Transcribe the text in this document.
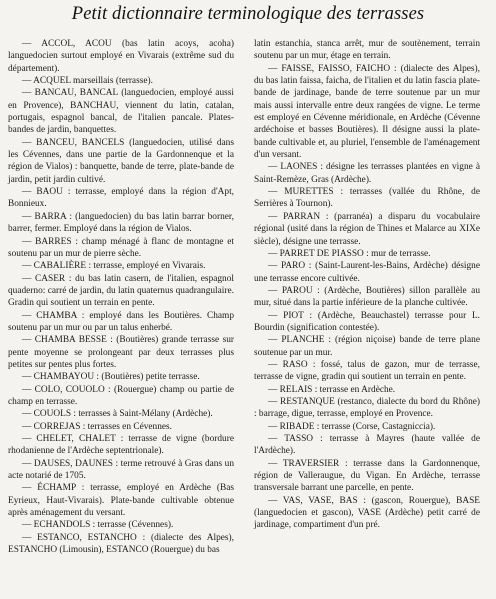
Petit dictionnaire terminologique des terrasses

— ACCOL, ACOU (bas latin acoys, acoha) languedocien surtout employé en Vivarais (extrême sud du département).

— ACQUEL marseillais (terrasse).

— BANCAU, BANCAL (languedocien, employé aussi en Provence), BANCHAU, viennent du latin, catalan, portugais, espagnol bancal, de l'italien pancale. Plates-bandes de jardin, banquettes.

— BANCEU, BANCELS (languedocien, utilisé dans les Cévennes, dans une partie de la Gardonnenque et la région de Vialos) : banquette, bande de terre, plate-bande de jardin, petit jardin cultivé.

— BAOU : terrasse, employé dans la région d'Apt, Bonnieux.

— BARRA : (languedocien) du bas latin barrar borner, barrer, fermer. Employé dans la région de Vialos.

— BARRES : champ ménagé à flanc de montagne et soutenu par un mur de pierre sèche.

— CABALIÈRE : terrasse, employé en Vivarais.

— CASER : du bas latin casern, de l'italien, espagnol quaderno: carré de jardin, du latin quaternus quadrangulaire. Gradin qui soutient un terrain en pente.

— CHAMBA : employé dans les Boutières. Champ soutenu par un mur ou par un talus enherbé.

— CHAMBA BESSE : (Boutières) grande terrasse sur pente moyenne se prolongeant par deux terrasses plus petites sur pentes plus fortes.

— CHAMBAYOU : (Boutières) petite terrasse.

— COLO, COUOLO : (Rouergue) champ ou partie de champ en terrasse.

— COUOLS : terrasses à Saint-Mélany (Ardèche).

— CORREJAS : terrasses en Cévennes.

— CHELET, CHALET : terrasse de vigne (bordure rhodanienne de l'Ardèche septentrionale).

— DAUSES, DAUNES : terme retrouvé à Gras dans un acte notarié de 1705.

— ÉCHAMP : terrasse, employé en Ardèche (Bas Eyrieux, Haut-Vivarais). Plate-bande cultivable obtenue après aménagement du versant.

— ECHANDOLS : terrasse (Cévennes).

— ESTANCO, ESTANCHO : (dialecte des Alpes), ESTANCHO (Limousin), ESTANCO (Rouergue) du bas

latin estanchia, stanca arrêt, mur de soutènement, terrain soutenu par un mur, étage en terrain.

— FAISSE, FAISSO, FAICHO : (dialecte des Alpes), du bas latin faissa, faicha, de l'italien et du latin fascia plate-bande de jardinage, bande de terre soutenue par un mur mais aussi intervalle entre deux rangées de vigne. Le terme est employé en Cévenne méridionale, en Ardèche (Cévenne ardéchoise et basses Boutières). Il désigne aussi la plate-bande cultivable et, au pluriel, l'ensemble de l'aménagement d'un versant.

— LAONES : désigne les terrasses plantées en vigne à Saint-Remèze, Gras (Ardèche).

— MURETTES : terrasses (vallée du Rhône, de Serrières à Tournon).

— PARRAN : (parranéa) a disparu du vocabulaire régional (usité dans la région de Thines et Malarce au XIXe siècle), désigne une terrasse.

— PARRET DE PIASSO : mur de terrasse.

— PARO : (Saint-Laurent-les-Bains, Ardèche) désigne une terrasse encore cultivée.

— PAROU : (Ardèche, Boutières) sillon parallèle au mur, situé dans la partie inférieure de la planche cultivée.

— PIOT : (Ardèche, Beauchastel) terrasse pour L. Bourdin (signification contestée).

— PLANCHE : (région niçoise) bande de terre plane soutenue par un mur.

— RASO : fossé, talus de gazon, mur de terrasse, terrasse de vigne, gradin qui soutient un terrain en pente.

— RELAIS : terrasse en Ardèche.

— RESTANQUE (restanco, dialecte du bord du Rhône) : barrage, digue, terrasse, employé en Provence.

— RIBADE : terrasse (Corse, Castagniccia).

— TASSO : terrasse à Mayres (haute vallée de l'Ardèche).

— TRAVERSIER : terrasse dans la Gardonnenque, région de Valleraugue, du Vigan. En Ardèche, terrasse transversale barrant une parcelle, en pente.

— VAS, VASE, BAS : (gascon, Rouergue), BASE (languedocien et gascon), VASE (Ardèche) petit carré de jardinage, compartiment d'un pré.
